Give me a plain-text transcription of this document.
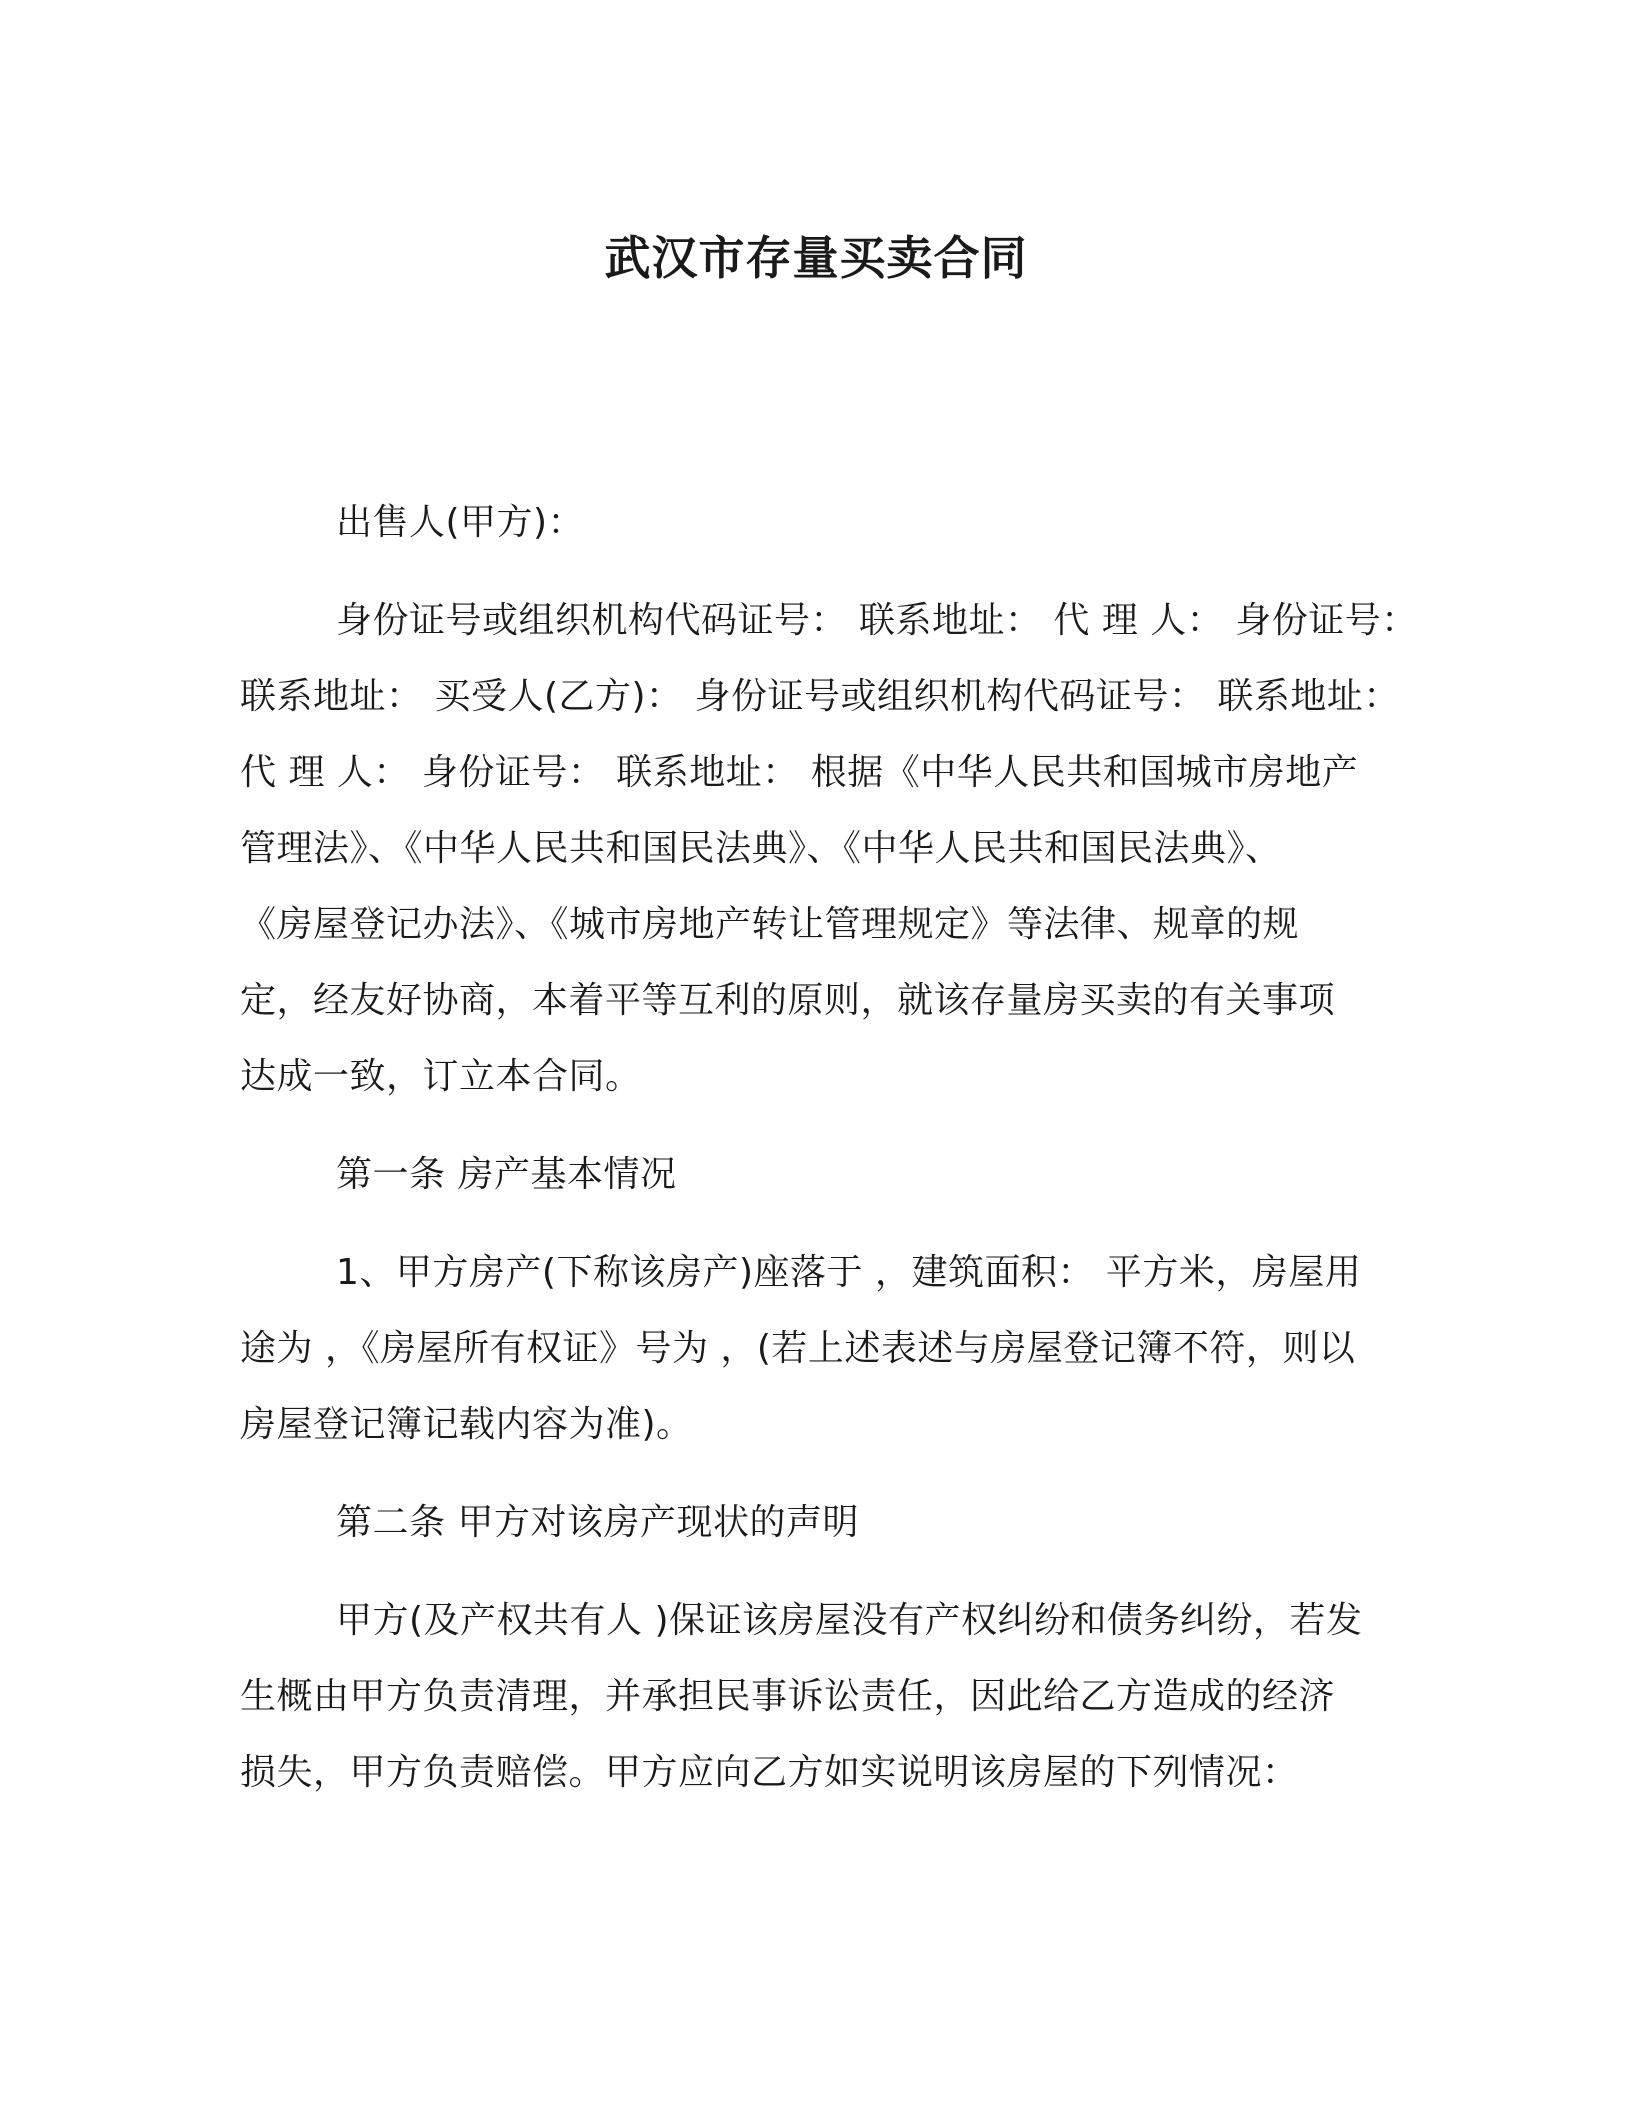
武汉市存量买卖合同

出售人(甲方)：

身份证号或组织机构代码证号： 联系地址： 代 理 人： 身份证号：
联系地址： 买受人(乙方)： 身份证号或组织机构代码证号： 联系地址：
代 理 人： 身份证号： 联系地址： 根据《中华人民共和国城市房地产
管理法》、《中华人民共和国民法典》、《中华人民共和国民法典》、
《房屋登记办法》、《城市房地产转让管理规定》等法律、规章的规
定，经友好协商，本着平等互利的原则，就该存量房买卖的有关事项
达成一致，订立本合同。

第一条 房产基本情况

1、甲方房产(下称该房产)座落于 ，建筑面积： 平方米，房屋用
途为 ，《房屋所有权证》号为 ，(若上述表述与房屋登记簿不符，则以
房屋登记簿记载内容为准)。

第二条 甲方对该房产现状的声明

甲方(及产权共有人 )保证该房屋没有产权纠纷和债务纠纷，若发
生概由甲方负责清理，并承担民事诉讼责任，因此给乙方造成的经济
损失，甲方负责赔偿。甲方应向乙方如实说明该房屋的下列情况：
